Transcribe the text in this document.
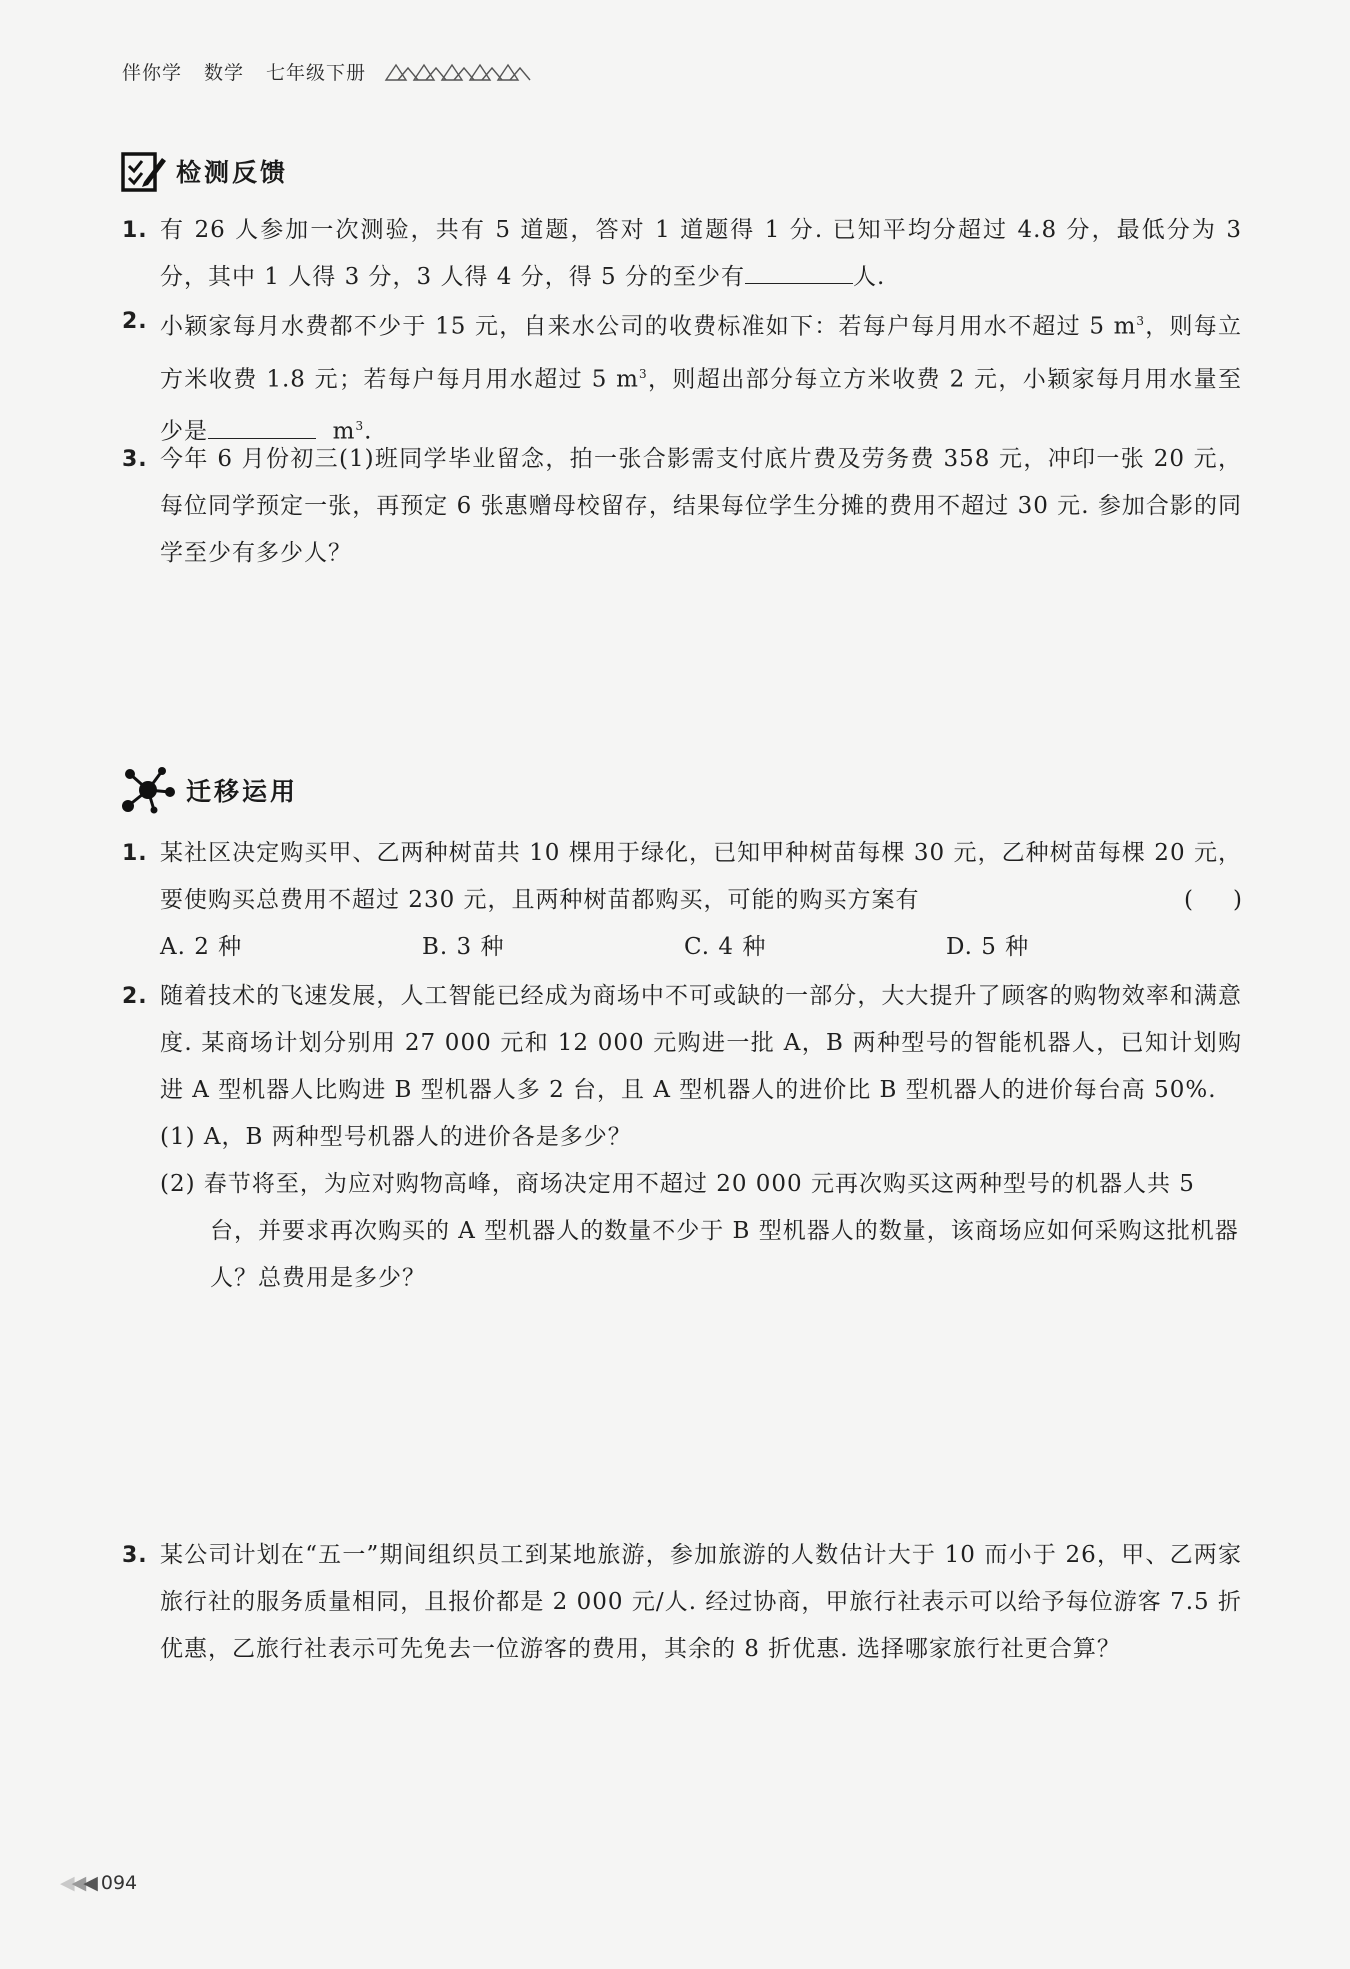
伴你学 数学 七年级下册
检测反馈
1. 有 26 人参加一次测验，共有 5 道题，答对 1 道题得 1 分. 已知平均分超过 4.8 分，最低分为 3 分，其中 1 人得 3 分，3 人得 4 分，得 5 分的至少有	人.
2. 小颖家每月水费都不少于 15 元，自来水公司的收费标准如下：若每户每月用水不超过 5 $m^3$，则每立方米收费 1.8 元；若每户每月用水超过 5 $m^3$，则超出部分每立方米收费 2 元，小颖家每月用水量至少是	$m^3$.
3. 今年 6 月份初三(1)班同学毕业留念，拍一张合影需支付底片费及劳务费 358 元，冲印一张 20 元，每位同学预定一张，再预定 6 张惠赠母校留存，结果每位学生分摊的费用不超过 30 元. 参加合影的同学至少有多少人？
迁移运用
1. 某社区决定购买甲、乙两种树苗共 10 棵用于绿化，已知甲种树苗每棵 30 元，乙种树苗每棵 20 元，要使购买总费用不超过 230 元，且两种树苗都购买，可能的购买方案有	()
A. 2 种	B. 3 种	C. 4 种	D. 5 种
2. 随着技术的飞速发展，人工智能已经成为商场中不可或缺的一部分，大大提升了顾客的购物效率和满意度. 某商场计划分别用 27 000 元和 12 000 元购进一批 A，B 两种型号的智能机器人，已知计划购进 A 型机器人比购进 B 型机器人多 2 台，且 A 型机器人的进价比 B 型机器人的进价每台高 50%.
(1) A，B 两种型号机器人的进价各是多少？
(2) 春节将至，为应对购物高峰，商场决定用不超过 20 000 元再次购买这两种型号的机器人共 5 台，并要求再次购买的 A 型机器人的数量不少于 B 型机器人的数量，该商场应如何采购这批机器人？总费用是多少？
3. 某公司计划在“五一”期间组织员工到某地旅游，参加旅游的人数估计大于 10 而小于 26，甲、乙两家旅行社的服务质量相同，且报价都是 2 000 元/人. 经过协商，甲旅行社表示可以给予每位游客 7.5 折优惠，乙旅行社表示可先免去一位游客的费用，其余的 8 折优惠. 选择哪家旅行社更合算？
◀◀◀ 094
